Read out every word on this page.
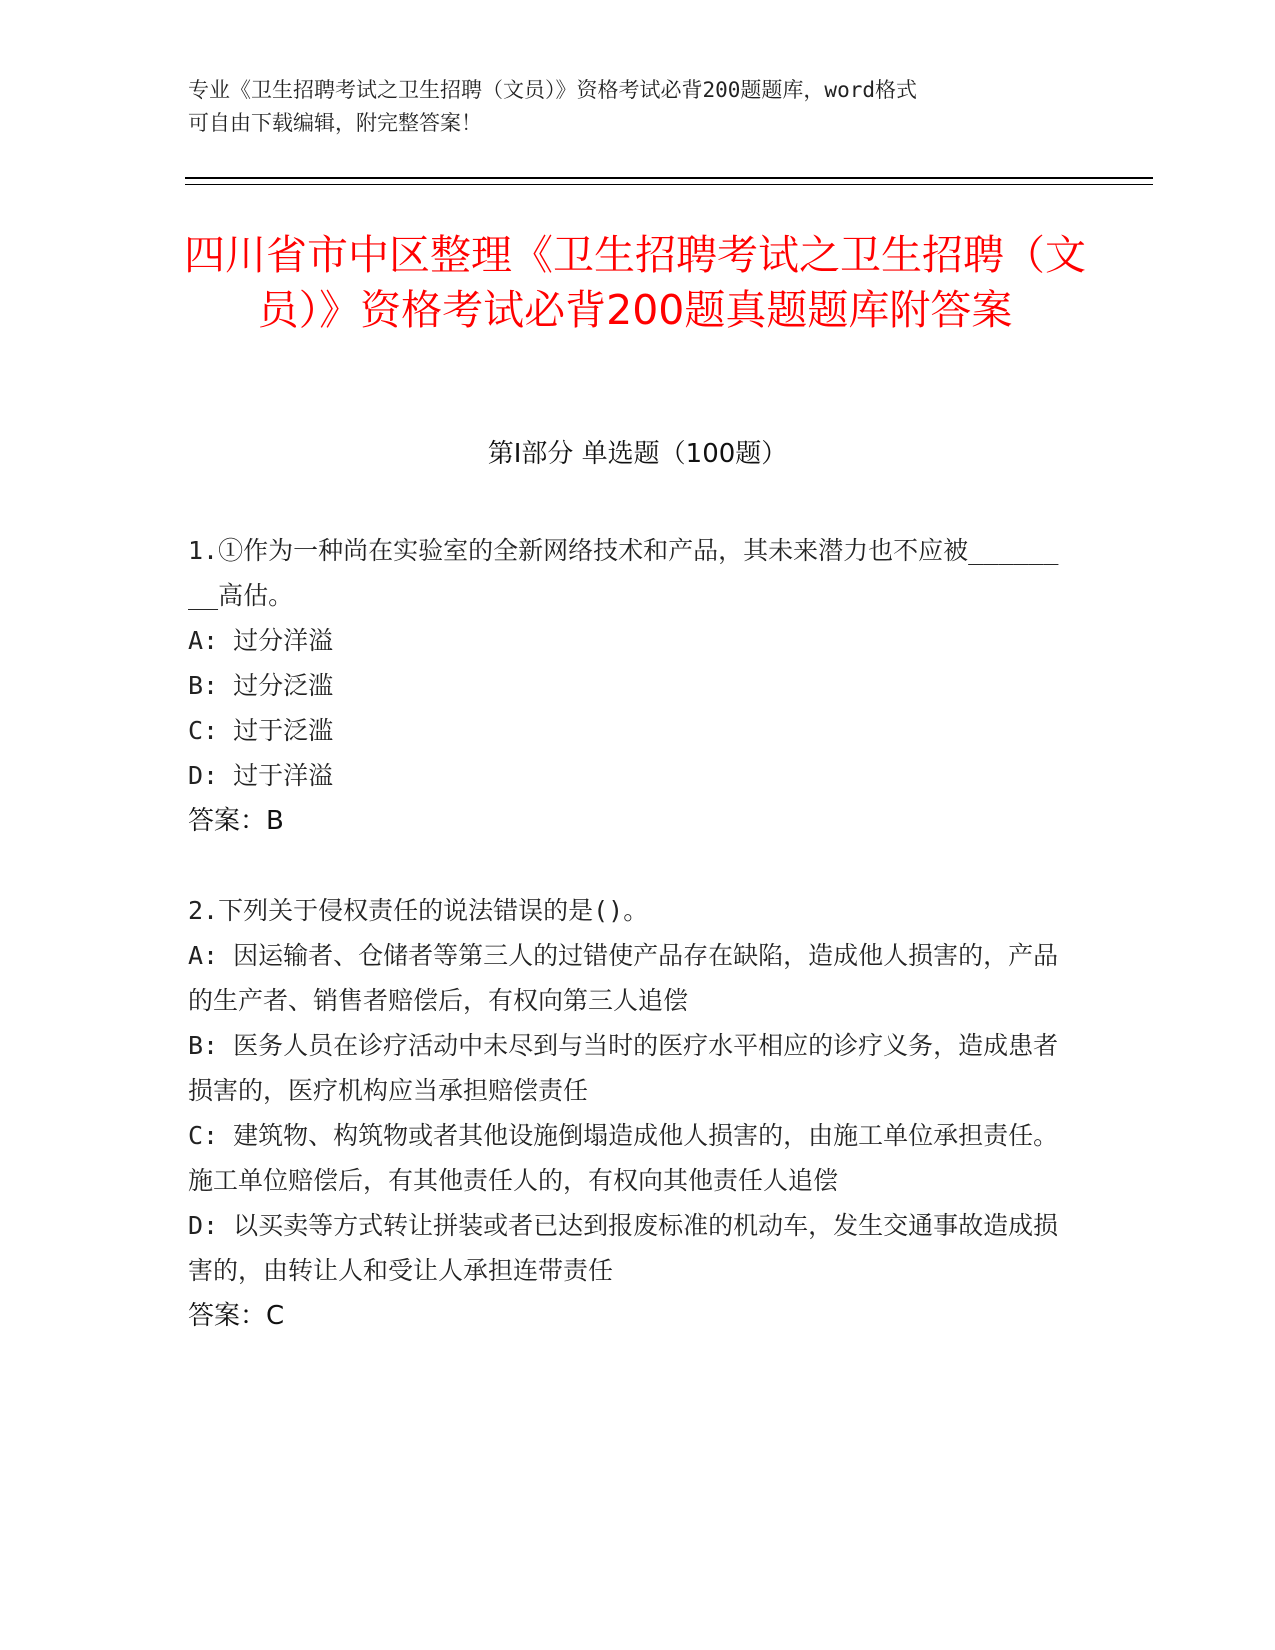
专业《卫生招聘考试之卫生招聘（文员）》资格考试必背200题题库，word格式
可自由下载编辑，附完整答案！
四川省市中区整理《卫生招聘考试之卫生招聘（文员）》资格考试必背200题真题题库附答案
第Ⅰ部分 单选题（100题）

1.①作为一种尚在实验室的全新网络技术和产品，其未来潜力也不应被________高估。

A: 过分洋溢

B: 过分泛滥

C: 过于泛滥

D: 过于洋溢

答案：B

2.下列关于侵权责任的说法错误的是()。

A: 因运输者、仓储者等第三人的过错使产品存在缺陷，造成他人损害的，产品的生产者、销售者赔偿后，有权向第三人追偿

B: 医务人员在诊疗活动中未尽到与当时的医疗水平相应的诊疗义务，造成患者损害的，医疗机构应当承担赔偿责任

C: 建筑物、构筑物或者其他设施倒塌造成他人损害的，由施工单位承担责任。施工单位赔偿后，有其他责任人的，有权向其他责任人追偿

D: 以买卖等方式转让拼装或者已达到报废标准的机动车，发生交通事故造成损害的，由转让人和受让人承担连带责任

答案：C
